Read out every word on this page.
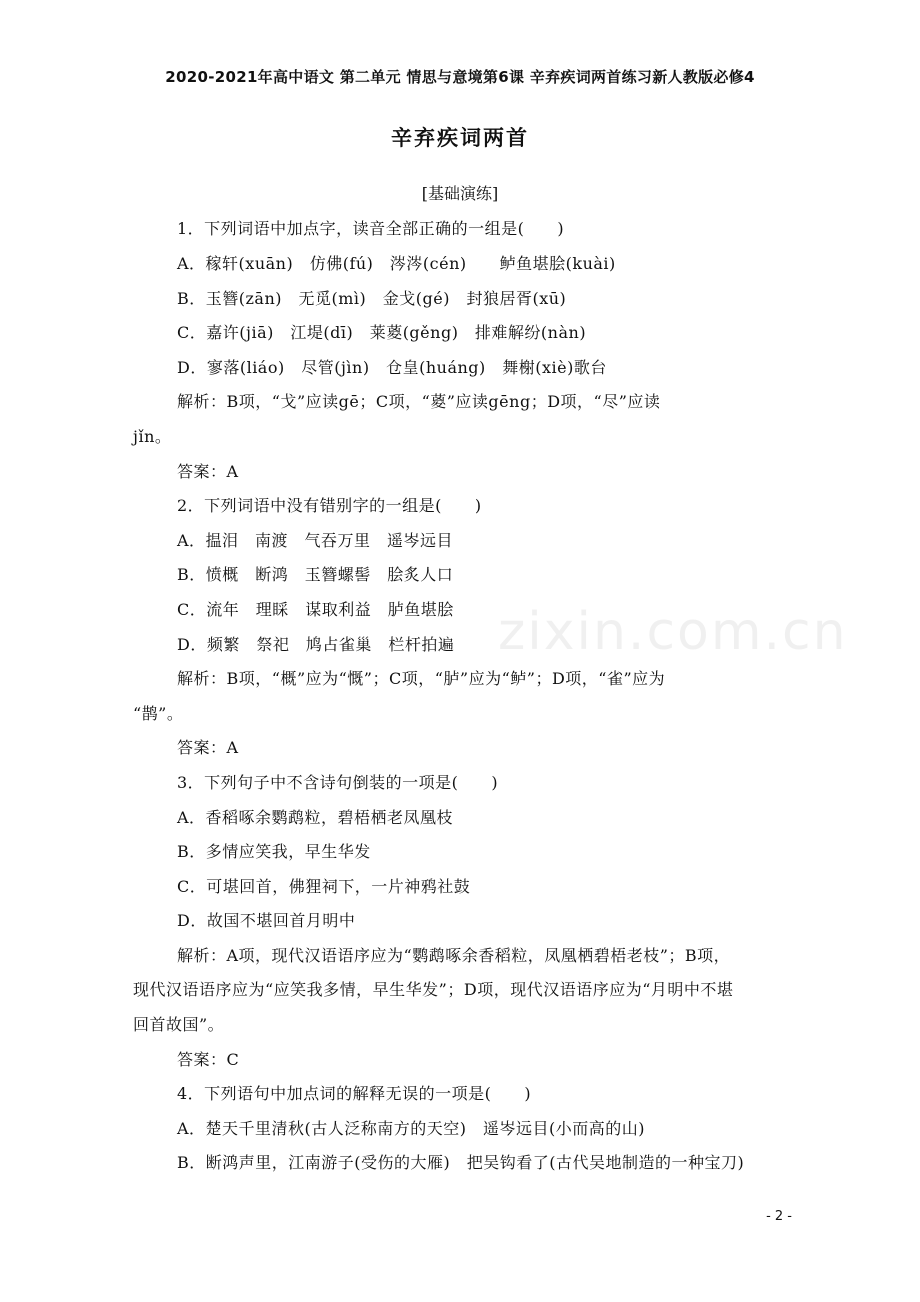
2020-2021年高中语文 第二单元 情思与意境第6课 辛弃疾词两首练习新人教版必修4
辛弃疾词两首
[基础演练]
1．下列词语中加点字，读音全部正确的一组是(　　)
A．稼轩(xuān)　仿佛(fú)　涔涔(cén)　　鲈鱼堪脍(kuài)
B．玉簪(zān)　无觅(mì)　金戈(gé)　封狼居胥(xū)
C．嘉许(jiā)　江堤(dī)　莱葼(gěng)　排难解纷(nàn)
D．寥落(liáo)　尽管(jìn)　仓皇(huáng)　舞榭(xiè)歌台
解析：B项，“戈”应读gē；C项，“葼”应读gēng；D项，“尽”应读
jǐn。
答案：A
2．下列词语中没有错别字的一组是(　　)
A．揾泪　南渡　气吞万里　遥岑远目
B．愤概　断鸿　玉簪螺髻　脍炙人口
C．流年　理睬　谋取利益　胪鱼堪脍
D．频繁　祭祀　鸠占雀巢　栏杆拍遍
解析：B项，“概”应为“慨”；C项，“胪”应为“鲈”；D项，“雀”应为
“鹊”。
答案：A
3．下列句子中不含诗句倒装的一项是(　　)
A．香稻啄余鹦鹉粒，碧梧栖老凤凰枝
B．多情应笑我，早生华发
C．可堪回首，佛狸祠下，一片神鸦社鼓
D．故国不堪回首月明中
解析：A项，现代汉语语序应为“鹦鹉啄余香稻粒，凤凰栖碧梧老枝”；B项，
现代汉语语序应为“应笑我多情，早生华发”；D项，现代汉语语序应为“月明中不堪
回首故国”。
答案：C
4．下列语句中加点词的解释无误的一项是(　　)
A．楚天千里清秋(古人泛称南方的天空)　遥岑远目(小而高的山)
B．断鸿声里，江南游子(受伤的大雁)　把吴钩看了(古代吴地制造的一种宝刀)
zixin.com.cn
- 2 -
